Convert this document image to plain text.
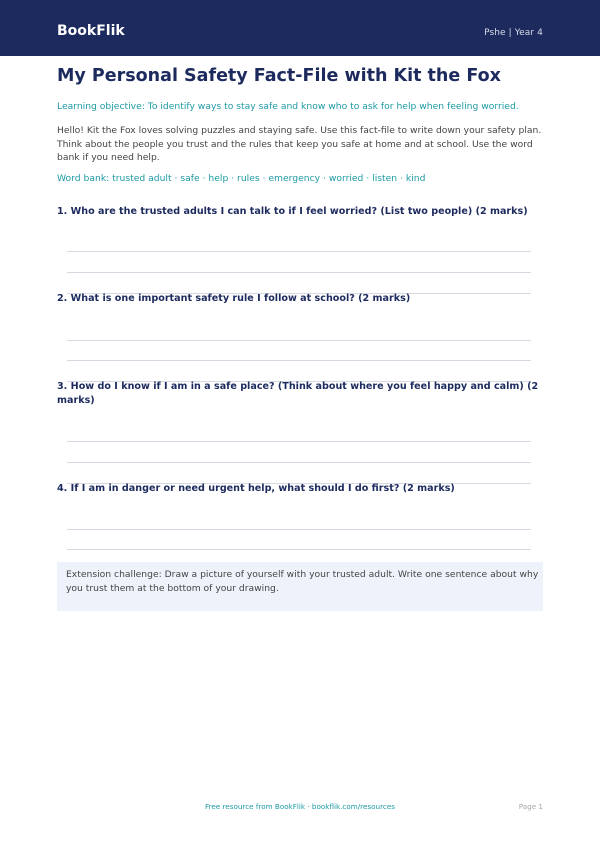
BookFlik	Pshe | Year 4
My Personal Safety Fact-File with Kit the Fox
Learning objective: To identify ways to stay safe and know who to ask for help when feeling worried.
Hello! Kit the Fox loves solving puzzles and staying safe. Use this fact-file to write down your safety plan. Think about the people you trust and the rules that keep you safe at home and at school. Use the word bank if you need help.
Word bank: trusted adult · safe · help · rules · emergency · worried · listen · kind
1. Who are the trusted adults I can talk to if I feel worried? (List two people) (2 marks)
2. What is one important safety rule I follow at school? (2 marks)
3. How do I know if I am in a safe place? (Think about where you feel happy and calm) (2 marks)
4. If I am in danger or need urgent help, what should I do first? (2 marks)
Extension challenge: Draw a picture of yourself with your trusted adult. Write one sentence about why you trust them at the bottom of your drawing.
Free resource from BookFlik · bookflik.com/resources	Page 1
